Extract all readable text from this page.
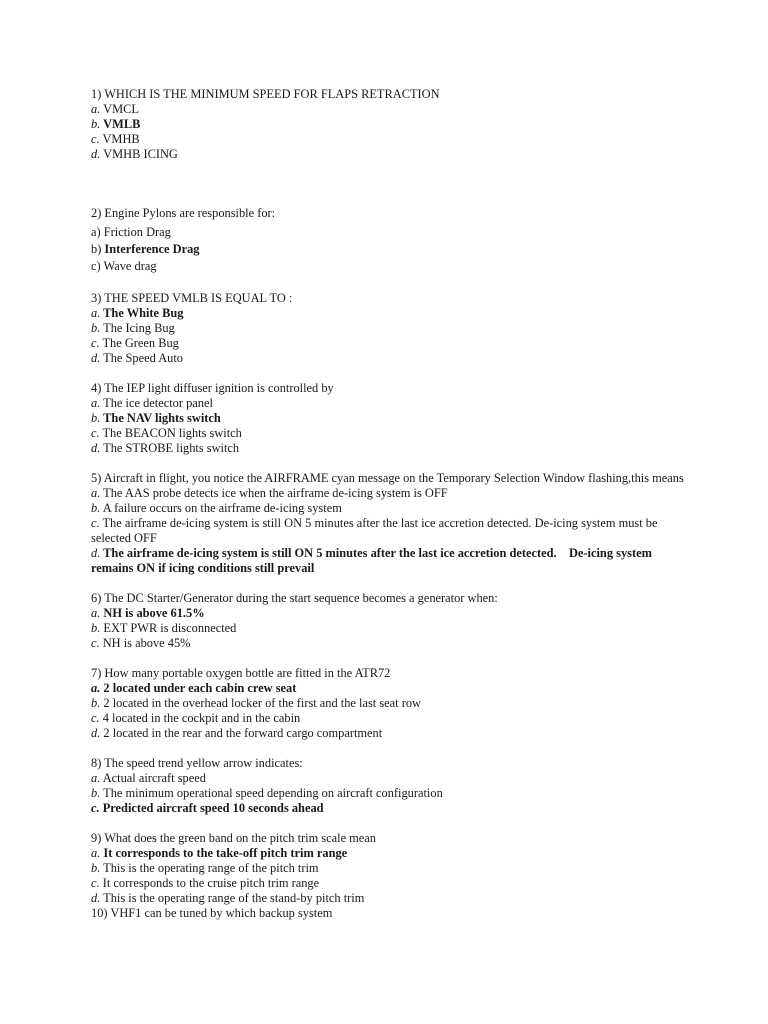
1) WHICH IS THE MINIMUM SPEED FOR FLAPS RETRACTION
a. VMCL
b. VMLB
c. VMHB
d. VMHB ICING
2) Engine Pylons are responsible for:
a) Friction Drag
b) Interference Drag
c) Wave drag
3) THE SPEED VMLB IS EQUAL TO :
a. The White Bug
b. The Icing Bug
c. The Green Bug
d. The Speed Auto
4) The IEP light diffuser ignition is controlled by
a. The ice detector panel
b. The NAV lights switch
c. The BEACON lights switch
d. The STROBE lights switch
5) Aircraft in flight, you notice the AIRFRAME cyan message on the Temporary Selection Window flashing,this means
a. The AAS probe detects ice when the airframe de-icing system is OFF
b. A failure occurs on the airframe de-icing system
c. The airframe de-icing system is still ON 5 minutes after the last ice accretion detected. De-icing system must be selected OFF
d. The airframe de-icing system is still ON 5 minutes after the last ice accretion detected.    De-icing system remains ON if icing conditions still prevail
6) The DC Starter/Generator during the start sequence becomes a generator when:
a. NH is above 61.5%
b. EXT PWR is disconnected
c. NH is above 45%
7) How many portable oxygen bottle are fitted in the ATR72
a. 2 located under each cabin crew seat
b. 2 located in the overhead locker of the first and the last seat row
c. 4 located in the cockpit and in the cabin
d. 2 located in the rear and the forward cargo compartment
8) The speed trend yellow arrow indicates:
a. Actual aircraft speed
b. The minimum operational speed depending on aircraft configuration
c. Predicted aircraft speed 10 seconds ahead
9) What does the green band on the pitch trim scale mean
a. It corresponds to the take-off pitch trim range
b. This is the operating range of the pitch trim
c. It corresponds to the cruise pitch trim range
d. This is the operating range of the stand-by pitch trim
10) VHF1 can be tuned by which backup system
